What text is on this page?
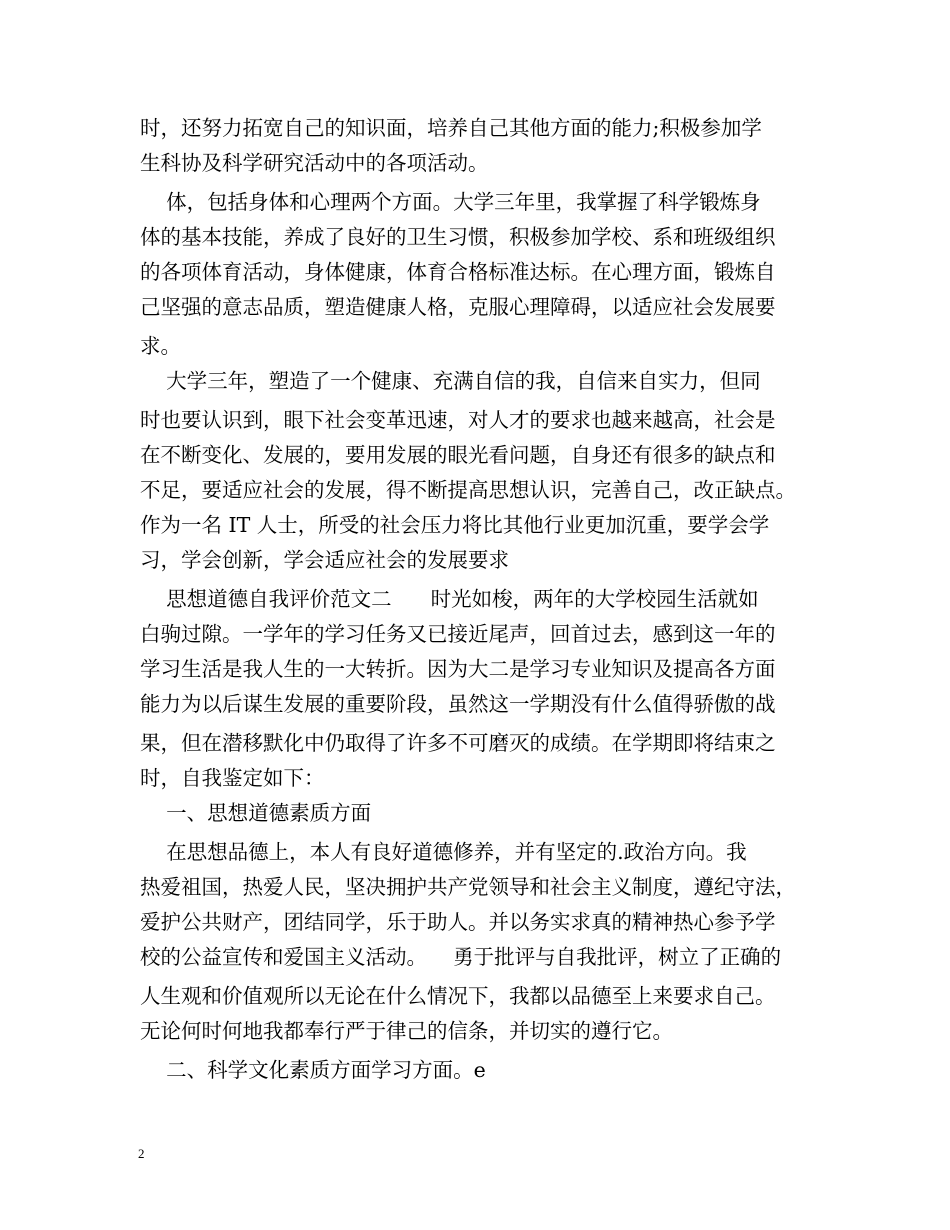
时，还努力拓宽自己的知识面，培养自己其他方面的能力;积极参加学
生科协及科学研究活动中的各项活动。
体，包括身体和心理两个方面。大学三年里，我掌握了科学锻炼身
体的基本技能，养成了良好的卫生习惯，积极参加学校、系和班级组织
的各项体育活动，身体健康，体育合格标准达标。在心理方面，锻炼自
己坚强的意志品质，塑造健康人格，克服心理障碍，以适应社会发展要
求。
大学三年，塑造了一个健康、充满自信的我，自信来自实力，但同
时也要认识到，眼下社会变革迅速，对人才的要求也越来越高，社会是
在不断变化、发展的，要用发展的眼光看问题，自身还有很多的缺点和
不足，要适应社会的发展，得不断提高思想认识，完善自己，改正缺点。
作为一名 IT 人士，所受的社会压力将比其他行业更加沉重，要学会学
习，学会创新，学会适应社会的发展要求
思想道德自我评价范文二      时光如梭，两年的大学校园生活就如
白驹过隙。一学年的学习任务又已接近尾声，回首过去，感到这一年的
学习生活是我人生的一大转折。因为大二是学习专业知识及提高各方面
能力为以后谋生发展的重要阶段，虽然这一学期没有什么值得骄傲的战
果，但在潜移默化中仍取得了许多不可磨灭的成绩。在学期即将结束之
时，自我鉴定如下：
一、思想道德素质方面
在思想品德上，本人有良好道德修养，并有坚定的.政治方向。我
热爱祖国，热爱人民，坚决拥护共产党领导和社会主义制度，遵纪守法，
爱护公共财产，团结同学，乐于助人。并以务实求真的精神热心参予学
校的公益宣传和爱国主义活动。    勇于批评与自我批评，树立了正确的
人生观和价值观所以无论在什么情况下，我都以品德至上来要求自己。
无论何时何地我都奉行严于律己的信条，并切实的遵行它。
二、科学文化素质方面学习方面。e
2
